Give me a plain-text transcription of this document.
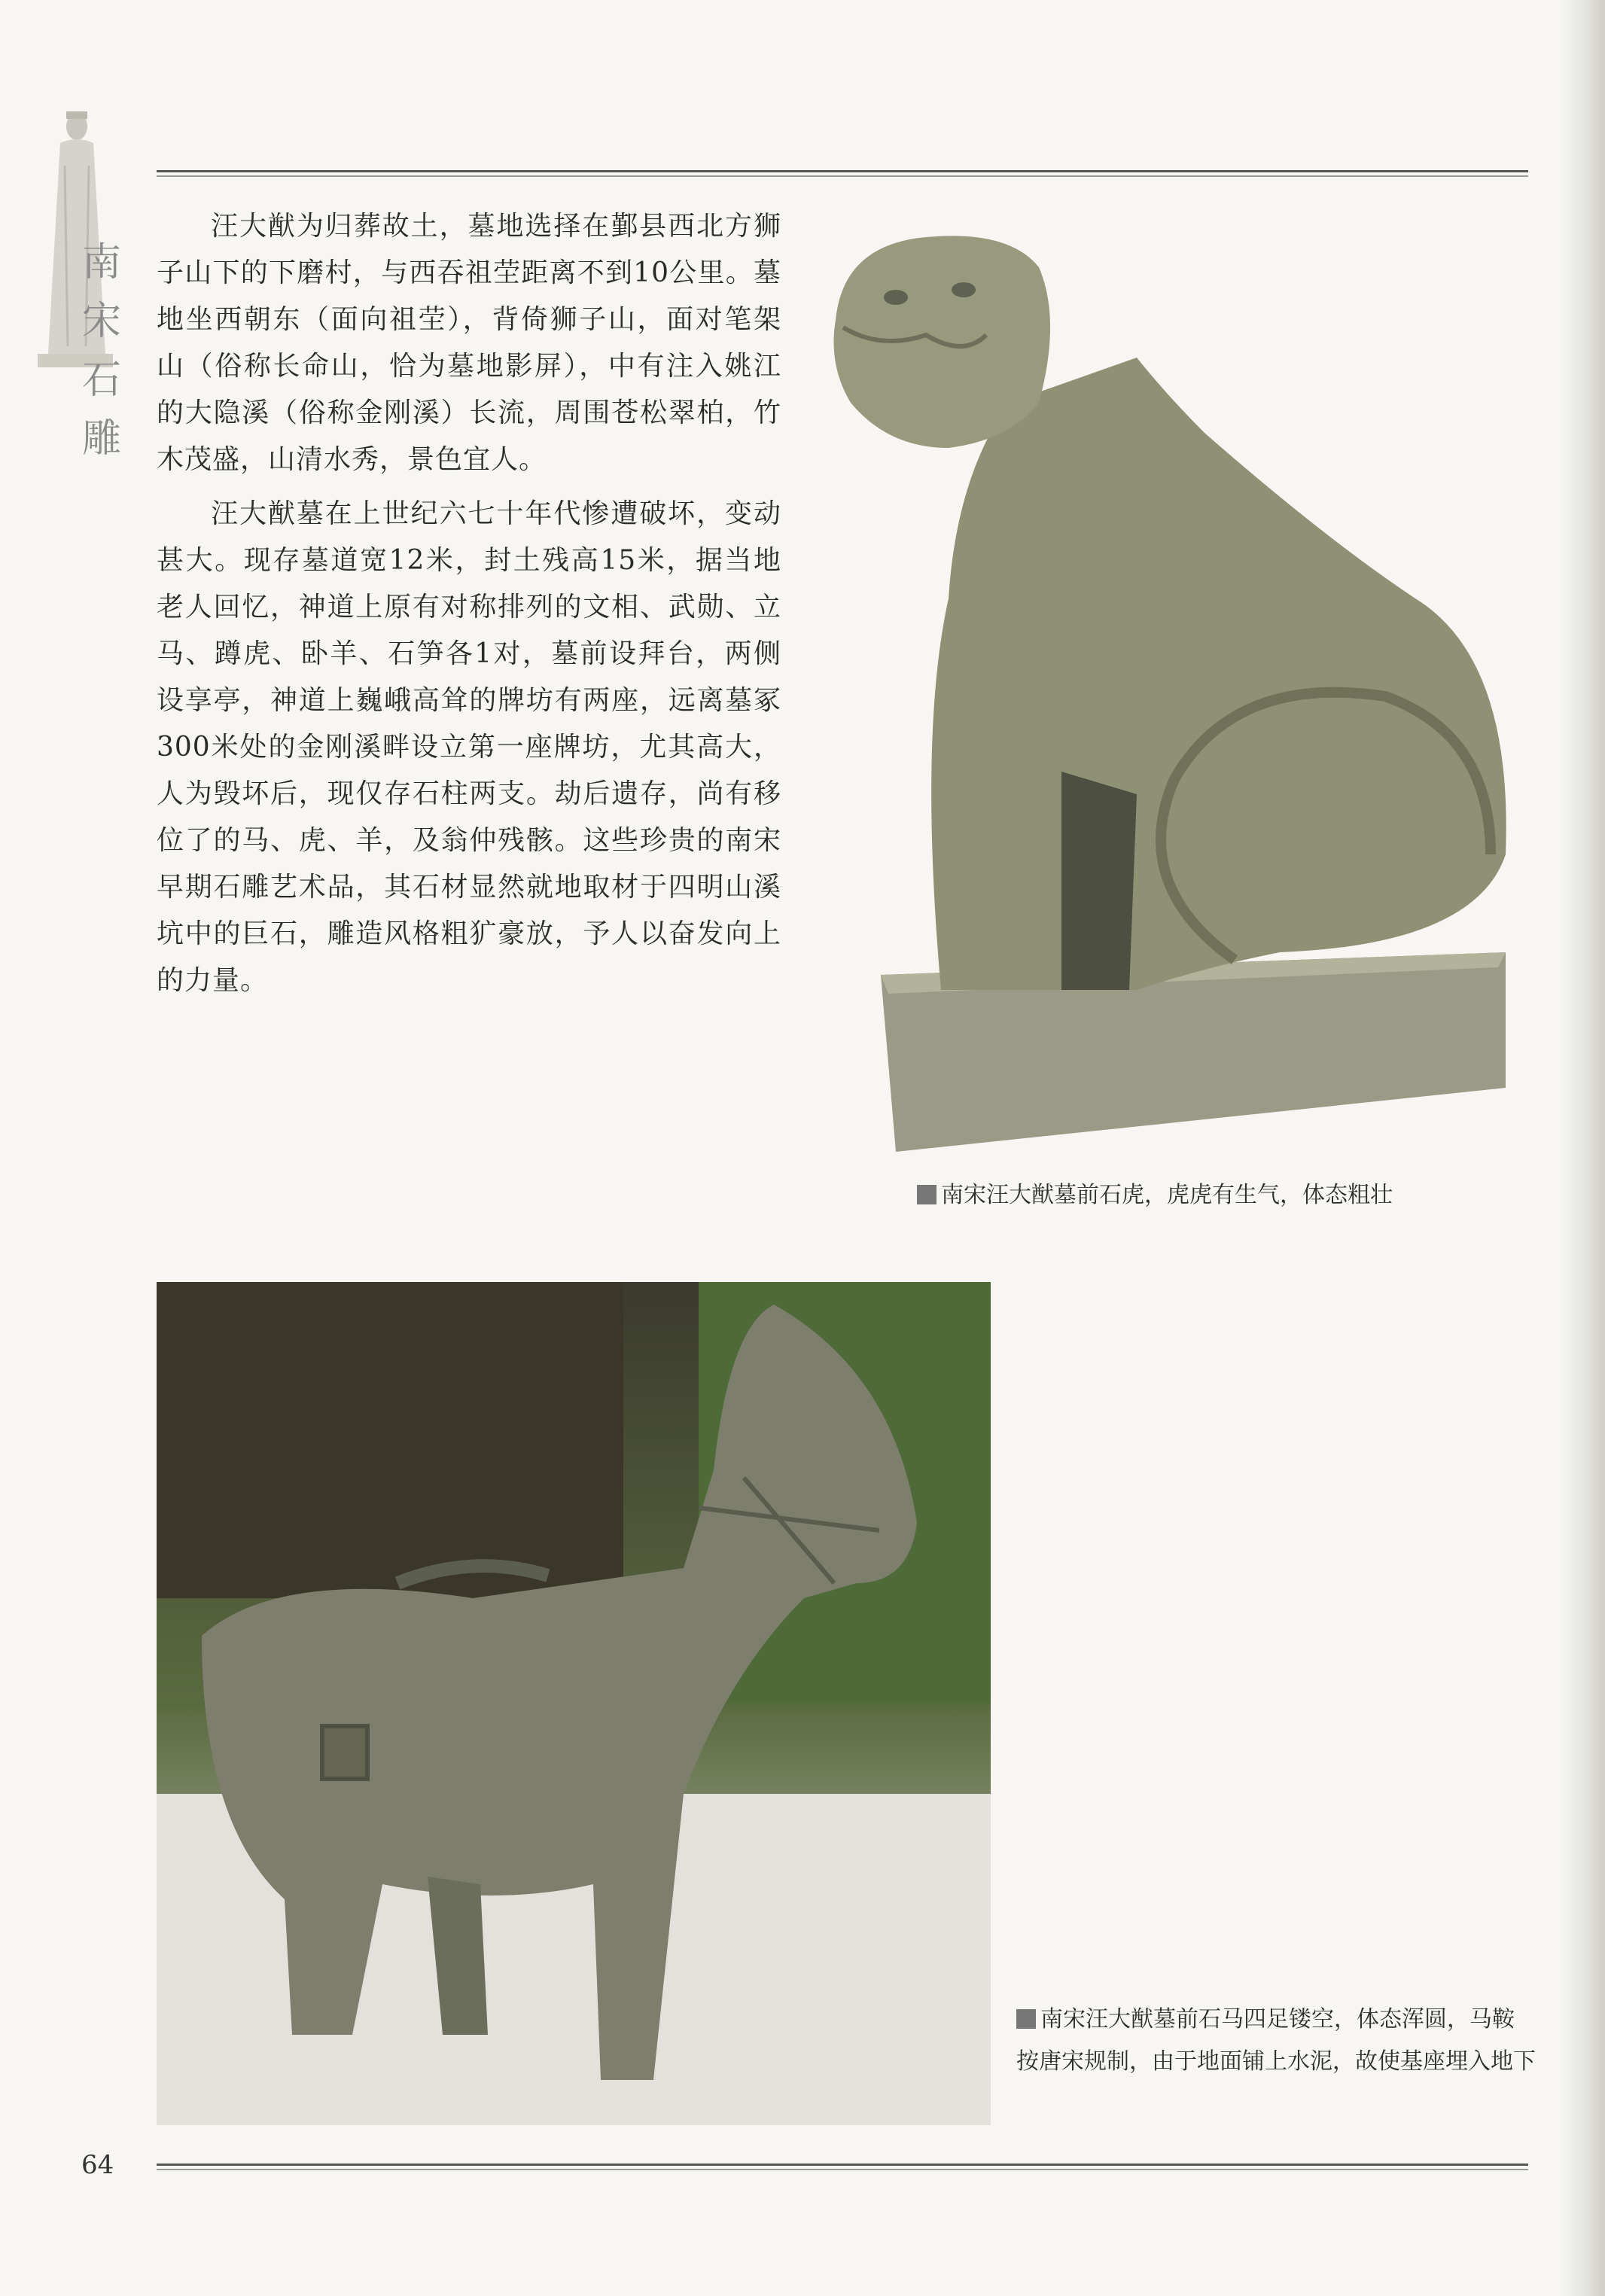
南
宋
石
雕

汪大猷为归葬故土，墓地选择在鄞县西北方狮子山下的下磨村，与西吞祖茔距离不到10公里。墓地坐西朝东（面向祖茔），背倚狮子山，面对笔架山（俗称长命山，恰为墓地影屏），中有注入姚江的大隐溪（俗称金刚溪）长流，周围苍松翠柏，竹木茂盛，山清水秀，景色宜人。

汪大猷墓在上世纪六七十年代惨遭破坏，变动甚大。现存墓道宽12米，封土残高15米，据当地老人回忆，神道上原有对称排列的文相、武勋、立马、蹲虎、卧羊、石笋各1对，墓前设拜台，两侧设享亭，神道上巍峨高耸的牌坊有两座，远离墓冢300米处的金刚溪畔设立第一座牌坊，尤其高大，人为毁坏后，现仅存石柱两支。劫后遗存，尚有移位了的马、虎、羊，及翁仲残骸。这些珍贵的南宋早期石雕艺术品，其石材显然就地取材于四明山溪坑中的巨石，雕造风格粗犷豪放，予人以奋发向上的力量。

南宋汪大猷墓前石虎，虎虎有生气，体态粗壮
南宋汪大猷墓前石马四足镂空，体态浑圆，马鞍按唐宋规制，由于地面铺上水泥，故使基座埋入地下
64
